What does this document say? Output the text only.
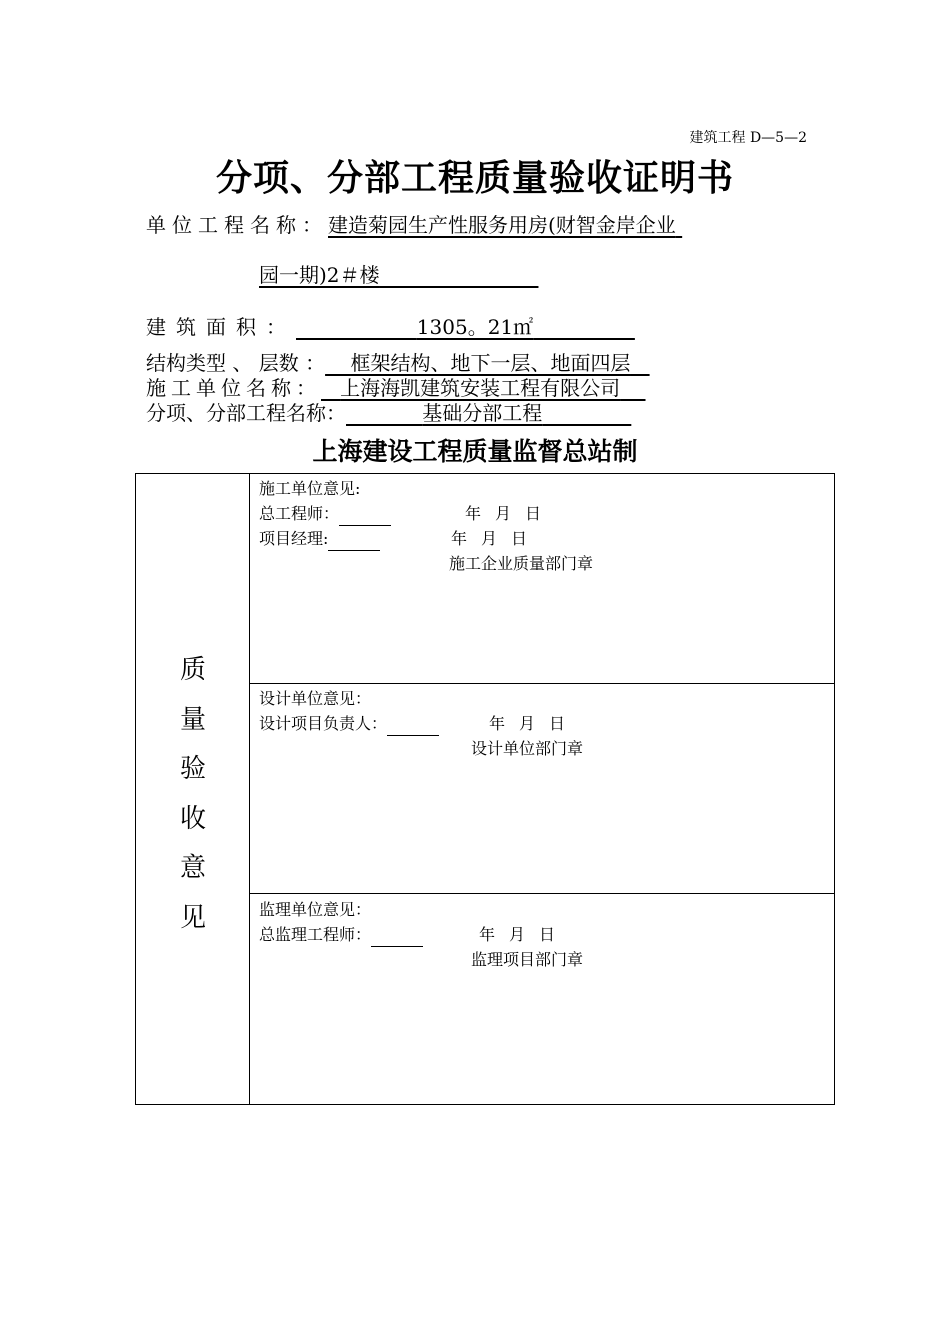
建筑工程 D—5—2
分项、分部工程质量验收证明书
单位工程名称：建造菊园生产性服务用房(财智金岸企业
园一期)2＃楼
建筑面积：	1305。21㎡
结构类型 、 层数 ： 框架结构、地下一层、地面四层
施工单位名称： 上海海凯建筑安装工程有限公司
分项、分部工程名称：	基础分部工程
上海建设工程质量监督总站制
质
量
验
收
意
见
施工单位意见:
总工程师：	年 月 日
项目经理:	年 月 日
施工企业质量部门章
设计单位意见：
设计项目负责人：	年 月 日
设计单位部门章
监理单位意见：
总监理工程师：	年 月 日
监理项目部门章
